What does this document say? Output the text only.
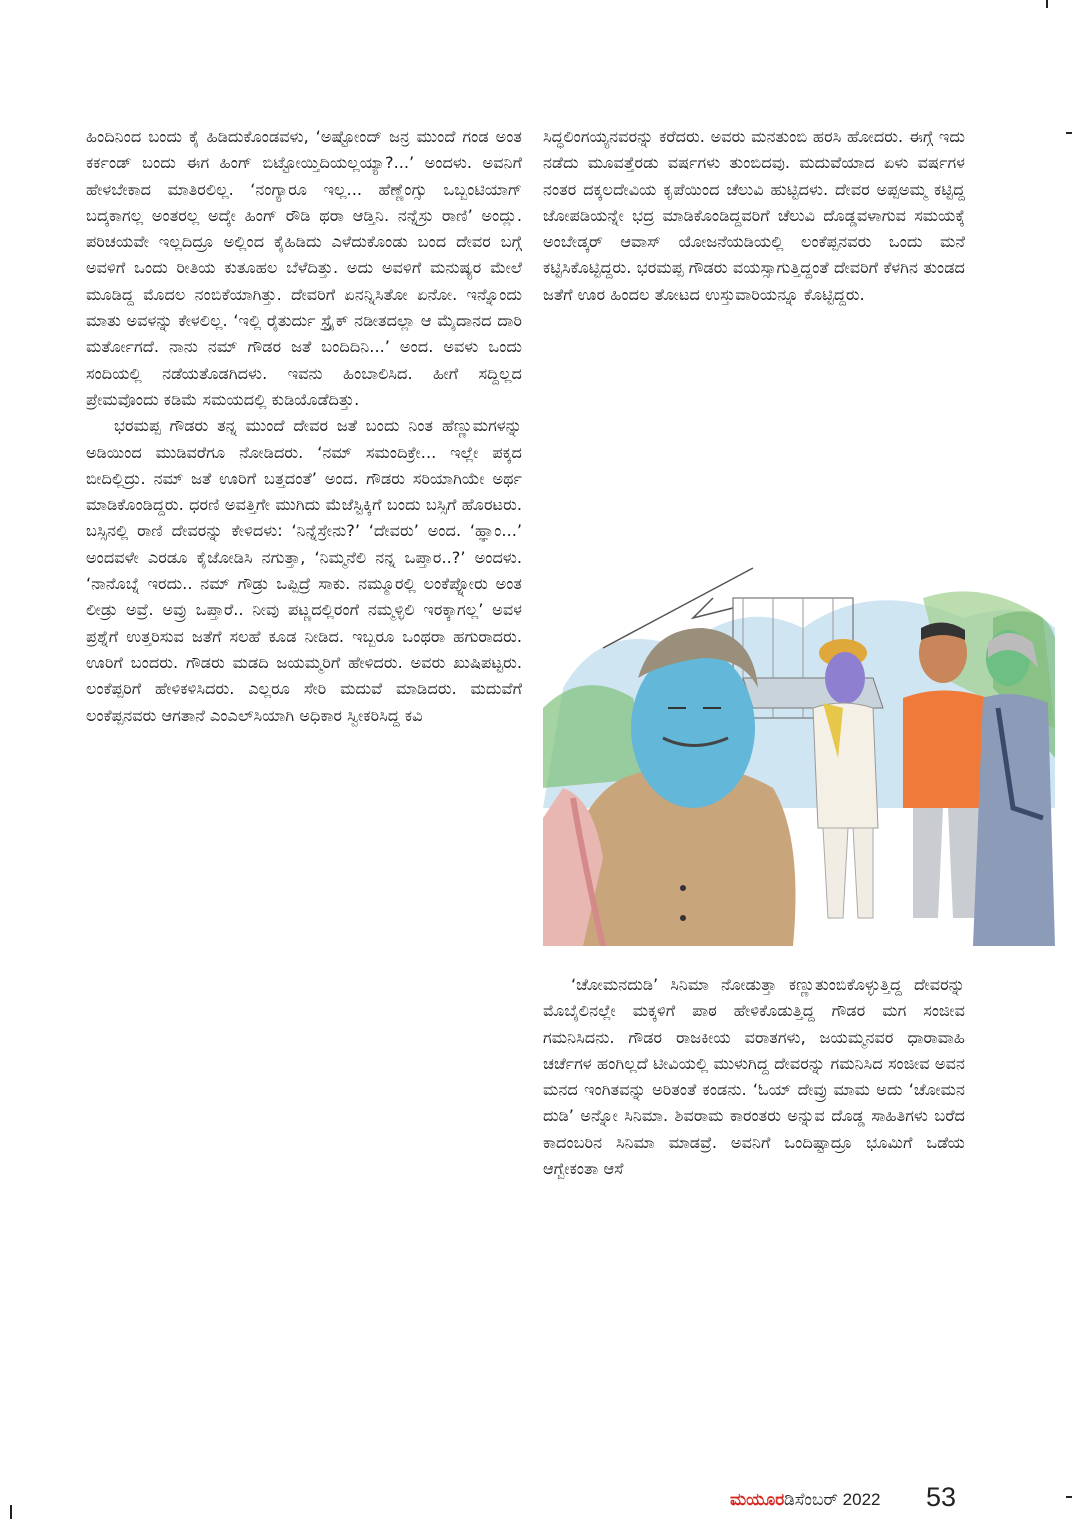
ಹಿಂದಿನಿಂದ ಬಂದು ಕೈ ಹಿಡಿದುಕೊಂಡವಳು, ‘ಅಷ್ಟೋಂದ್ ಜನ್ರ ಮುಂದೆ ಗಂಡ ಅಂತ ಕರ್ಕಂಡ್ ಬಂದು ಈಗ ಹಿಂಗ್ ಬಿಟ್ಟೋಯ್ತಿದಿಯಲ್ಲಯ್ಯಾ?...’ ಅಂದಳು. ಅವನಿಗೆ ಹೇಳಬೇಕಾದ ಮಾತಿರಲಿಲ್ಲ. ‘ನಂಗ್ಯಾರೂ ಇಲ್ಲ... ಹೆಣ್ಣೆಂಗ್ಸು ಒಬ್ಬಂಟಿಯಾಗ್ ಬದ್ಕಕಾಗಲ್ಲ ಅಂತರಲ್ಲ ಅದ್ಕೇ ಹಿಂಗ್ ರೌಡಿ ಥರಾ ಆಡ್ತಿನಿ. ನನ್ನೆಸ್ರು ರಾಣಿ’ ಅಂದ್ಲು. ಪರಿಚಯವೇ ಇಲ್ಲದಿದ್ರೂ ಅಲ್ಲಿಂದ ಕೈಹಿಡಿದು ಎಳೆದುಕೊಂಡು ಬಂದ ದೇವರ ಬಗ್ಗೆ ಅವಳಿಗೆ ಒಂದು ರೀತಿಯ ಕುತೂಹಲ ಬೆಳೆದಿತ್ತು. ಅದು ಅವಳಿಗೆ ಮನುಷ್ಯರ ಮೇಲೆ ಮೂಡಿದ್ದ ಮೊದಲ ನಂಬಿಕೆಯಾಗಿತ್ತು. ದೇವರಿಗೆ ಏನನ್ನಿಸಿತೋ ಏನೋ. ಇನ್ನೊಂದು ಮಾತು ಅವಳನ್ನು ಕೇಳಲಿಲ್ಲ. ‘ಇಲ್ಲಿ ರೈತುರ್ದು ಸ್ಟ್ರೈಕ್ ನಡೀತದಲ್ಲಾ ಆ ಮೈದಾನದ ದಾರಿ ಮರ್ತೋಗದೆ. ನಾನು ನಮ್ ಗೌಡರ ಜತೆ ಬಂದಿದಿನಿ...’ ಅಂದ. ಅವಳು ಒಂದು ಸಂದಿಯಲ್ಲಿ ನಡೆಯತೊಡಗಿದಳು. ಇವನು ಹಿಂಬಾಲಿಸಿದ. ಹೀಗೆ ಸದ್ದಿಲ್ಲದ ಪ್ರೇಮವೊಂದು ಕಡಿಮೆ ಸಮಯದಲ್ಲಿ ಕುಡಿಯೊಡೆದಿತ್ತು.

ಭರಮಪ್ಪ ಗೌಡರು ತನ್ನ ಮುಂದೆ ದೇವರ ಜತೆ ಬಂದು ನಿಂತ ಹೆಣ್ಣುಮಗಳನ್ನು ಅಡಿಯಿಂದ ಮುಡಿವರೆಗೂ ನೋಡಿದರು. ‘ನಮ್ ಸಮಂದಿಕ್ರೇ... ಇಲ್ಲೇ ಪಕ್ಕದ ಬೀದಿಲ್ಲಿದ್ರು. ನಮ್ ಜತೆ ಊರಿಗೆ ಬತ್ತದಂತೆ’ ಅಂದ. ಗೌಡರು ಸರಿಯಾಗಿಯೇ ಅರ್ಥ ಮಾಡಿಕೊಂಡಿದ್ದರು. ಧರಣಿ ಅವತ್ತಿಗೇ ಮುಗಿದು ಮೆಜೆಸ್ಟಿಕ್ಕಿಗೆ ಬಂದು ಬಸ್ಸಿಗೆ ಹೊರಟರು. ಬಸ್ಸಿನಲ್ಲಿ ರಾಣಿ ದೇವರನ್ನು ಕೇಳಿದಳು: ‘ನಿನ್ನೆಸ್ರೇನು?’ ‘ದೇವರು’ ಅಂದ. ‘ಹ್ಞಾಂ...’ ಅಂದವಳೇ ಎರಡೂ ಕೈಜೋಡಿಸಿ ನಗುತ್ತಾ, ‘ನಿಮ್ಮನೆಲಿ ನನ್ನ ಒಪ್ತಾರ..?’ ಅಂದಳು. ‘ನಾನೊಬ್ನೆ ಇರದು.. ನಮ್ ಗೌಡ್ರು ಒಪ್ಪಿದ್ರೆ ಸಾಕು. ನಮ್ಮೂರಲ್ಲಿ ಲಂಕೆಪ್ನೋರು ಅಂತ ಲೀಡ್ರು ಅವ್ರೆ. ಅವ್ರು ಒಪ್ತಾರೆ.. ನೀವು ಪಟ್ಣದಲ್ಲಿರಂಗೆ ನಮ್ಮಳ್ಳಿಲಿ ಇರಕ್ಕಾಗಲ್ಲ’ ಅವಳ ಪ್ರಶ್ನೆಗೆ ಉತ್ತರಿಸುವ ಜತೆಗೆ ಸಲಹೆ ಕೂಡ ನೀಡಿದ. ಇಬ್ಬರೂ ಒಂಥರಾ ಹಗುರಾದರು. ಊರಿಗೆ ಬಂದರು. ಗೌಡರು ಮಡದಿ ಜಯಮ್ಮರಿಗೆ ಹೇಳಿದರು. ಅವರು ಖುಷಿಪಟ್ಟರು. ಲಂಕೆಪ್ಪರಿಗೆ ಹೇಳಿಕಳಿಸಿದರು. ಎಲ್ಲರೂ ಸೇರಿ ಮದುವೆ ಮಾಡಿದರು. ಮದುವೆಗೆ ಲಂಕೆಪ್ಪನವರು ಆಗತಾನೆ ಎಂಎಲ್‌ಸಿಯಾಗಿ ಅಧಿಕಾರ ಸ್ವೀಕರಿಸಿದ್ದ ಕವಿ

ಸಿದ್ಧಲಿಂಗಯ್ಯನವರನ್ನು ಕರೆದರು. ಅವರು ಮನತುಂಬಿ ಹರಸಿ ಹೋದರು. ಈಗ್ಗೆ ಇದು ನಡೆದು ಮೂವತ್ತೆರಡು ವರ್ಷಗಳು ತುಂಬಿದವು. ಮದುವೆಯಾದ ಏಳು ವರ್ಷಗಳ ನಂತರ ದಕ್ಕಲದೇವಿಯ ಕೃಪೆಯಿಂದ ಚೆಲುವಿ ಹುಟ್ಟಿದಳು. ದೇವರ ಅಪ್ಪಅಮ್ಮ ಕಟ್ಟಿದ್ದ ಜೋಪಡಿಯನ್ನೇ ಭದ್ರ ಮಾಡಿಕೊಂಡಿದ್ದವರಿಗೆ ಚೆಲುವಿ ದೊಡ್ಡವಳಾಗುವ ಸಮಯಕ್ಕೆ ಅಂಬೇಡ್ಕರ್ ಆವಾಸ್ ಯೋಜನೆಯಡಿಯಲ್ಲಿ ಲಂಕೆಪ್ಪನವರು ಒಂದು ಮನೆ ಕಟ್ಟಿಸಿಕೊಟ್ಟಿದ್ದರು. ಭರಮಪ್ಪ ಗೌಡರು ವಯಸ್ಸಾಗುತ್ತಿದ್ದಂತೆ ದೇವರಿಗೆ ಕೆಳಗಿನ ತುಂಡದ ಜತೆಗೆ ಊರ ಹಿಂದಲ ತೋಟದ ಉಸ್ತುವಾರಿಯನ್ನೂ ಕೊಟ್ಟಿದ್ದರು.

‘ಚೋಮನದುಡಿ’ ಸಿನಿಮಾ ನೋಡುತ್ತಾ ಕಣ್ಣುತುಂಬಿಕೊಳ್ಳುತ್ತಿದ್ದ ದೇವರನ್ನು ಮೊಬೈಲಿನಲ್ಲೇ ಮಕ್ಕಳಿಗೆ ಪಾಠ ಹೇಳಿಕೊಡುತ್ತಿದ್ದ ಗೌಡರ ಮಗ ಸಂಜೀವ ಗಮನಿಸಿದನು. ಗೌಡರ ರಾಜಕೀಯ ವರಾತಗಳು, ಜಯಮ್ಮನವರ ಧಾರಾವಾಹಿ ಚರ್ಚೆಗಳ ಹಂಗಿಲ್ಲದೆ ಟೀವಿಯಲ್ಲಿ ಮುಳುಗಿದ್ದ ದೇವರನ್ನು ಗಮನಿಸಿದ ಸಂಜೀವ ಅವನ ಮನದ ಇಂಗಿತವನ್ನು ಅರಿತಂತೆ ಕಂಡನು. ‘ಓಯ್ ದೇವ್ರು ಮಾಮ ಅದು ‘ಚೋಮನ ದುಡಿ’ ಅನ್ನೋ ಸಿನಿಮಾ. ಶಿವರಾಮ ಕಾರಂತರು ಅನ್ನುವ ದೊಡ್ಡ ಸಾಹಿತಿಗಳು ಬರೆದ ಕಾದಂಬರಿನ ಸಿನಿಮಾ ಮಾಡವ್ರೆ. ಅವನಿಗೆ ಒಂದಿಷ್ಟಾದ್ರೂ ಭೂಮಿಗೆ ಒಡೆಯ ಆಗ್ಬೇಕಂತಾ ಆಸೆ

ಮಯೂರ ಡಿಸೆಂಬರ್ 2022 53
